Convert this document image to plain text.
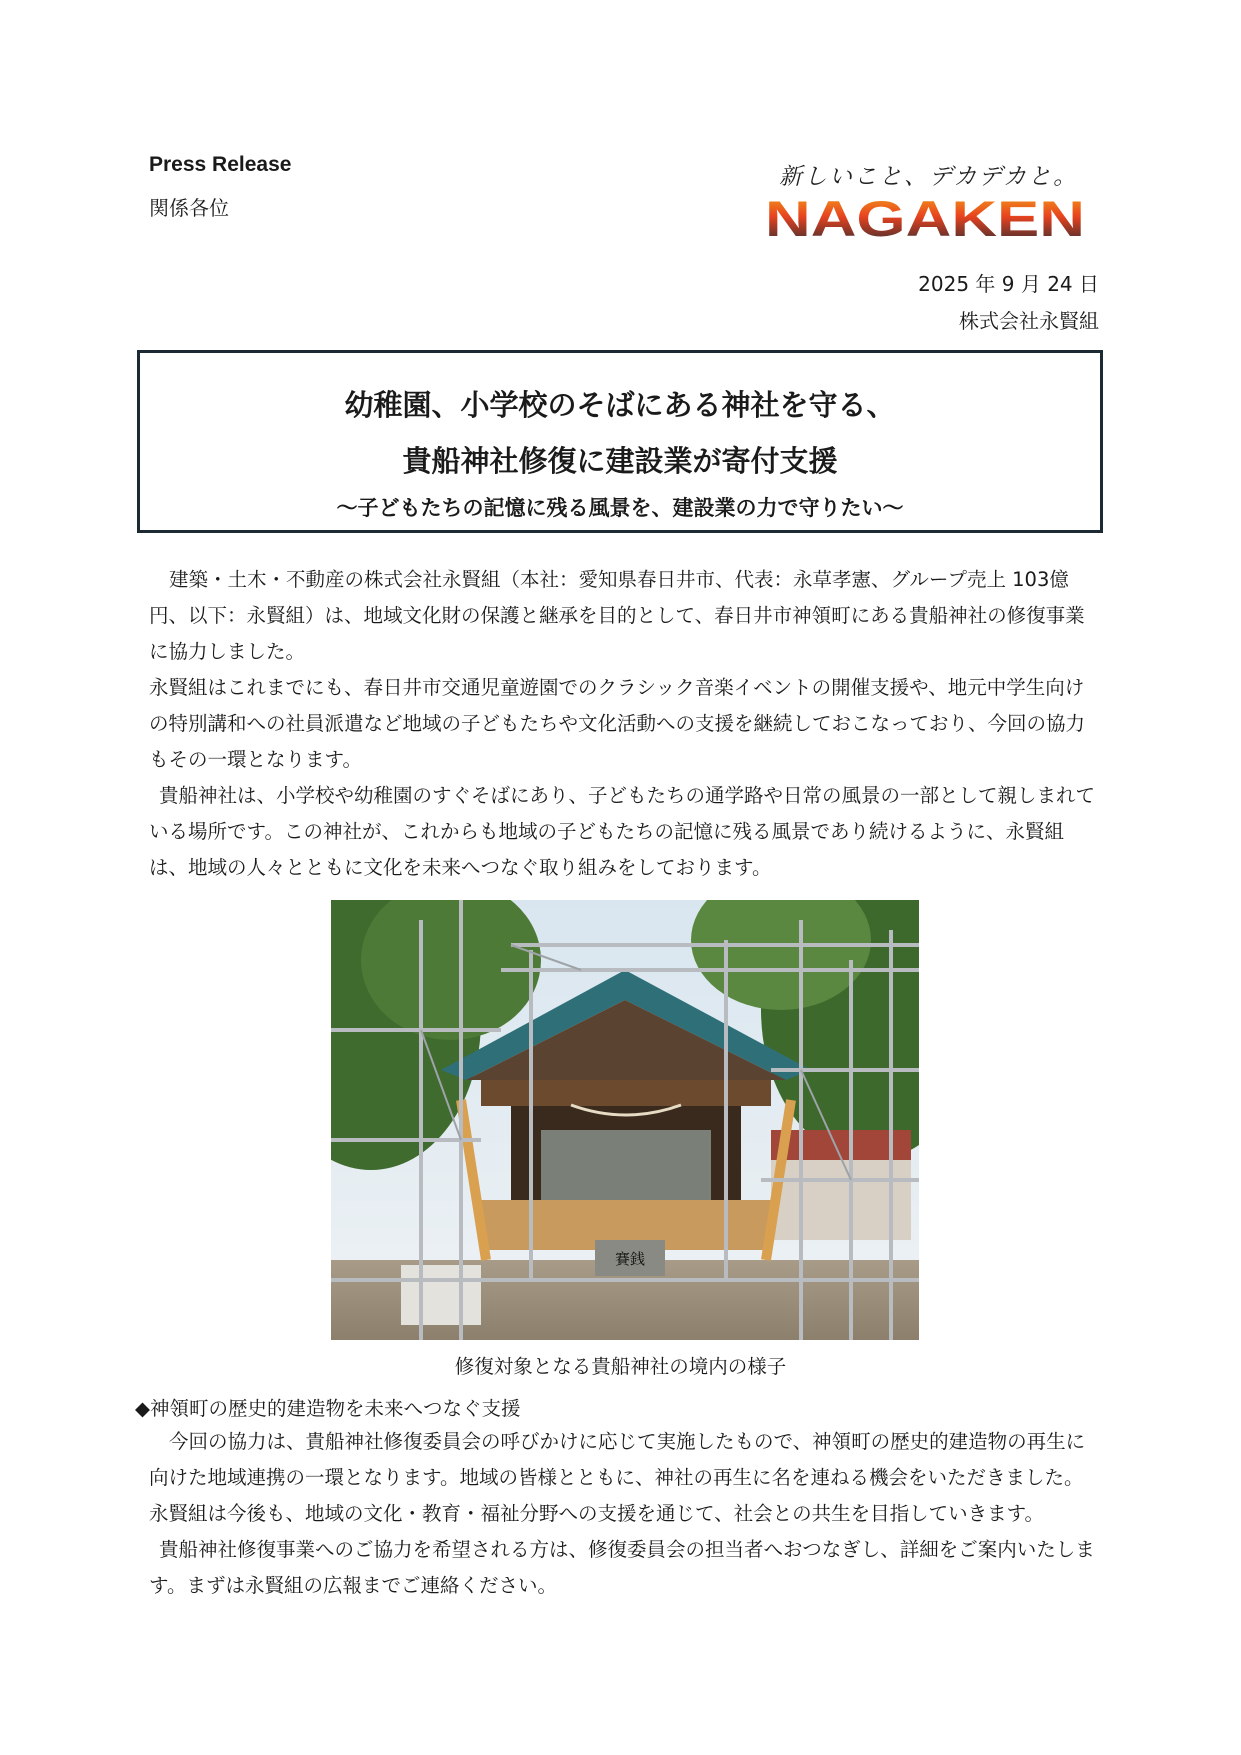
Press Release
関係各位
新しいこと、デカデカと。
NAGAKEN
2025 年 9 月 24 日
株式会社永賢組
幼稚園、小学校のそばにある神社を守る、
貴船神社修復に建設業が寄付支援
～子どもたちの記憶に残る風景を、建設業の力で守りたい～
建築・土木・不動産の株式会社永賢組（本社：愛知県春日井市、代表：永草孝憲、グループ売上 103億円、以下：永賢組）は、地域文化財の保護と継承を目的として、春日井市神領町にある貴船神社の修復事業に協力しました。
永賢組はこれまでにも、春日井市交通児童遊園でのクラシック音楽イベントの開催支援や、地元中学生向けの特別講和への社員派遣など地域の子どもたちや文化活動への支援を継続しておこなっており、今回の協力もその一環となります。
貴船神社は、小学校や幼稚園のすぐそばにあり、子どもたちの通学路や日常の風景の一部として親しまれている場所です。この神社が、これからも地域の子どもたちの記憶に残る風景であり続けるように、永賢組は、地域の人々とともに文化を未来へつなぐ取り組みをしております。
賽銭
修復対象となる貴船神社の境内の様子
◆神領町の歴史的建造物を未来へつなぐ支援
今回の協力は、貴船神社修復委員会の呼びかけに応じて実施したもので、神領町の歴史的建造物の再生に向けた地域連携の一環となります。地域の皆様とともに、神社の再生に名を連ねる機会をいただきました。永賢組は今後も、地域の文化・教育・福祉分野への支援を通じて、社会との共生を目指していきます。
貴船神社修復事業へのご協力を希望される方は、修復委員会の担当者へおつなぎし、詳細をご案内いたします。まずは永賢組の広報までご連絡ください。
